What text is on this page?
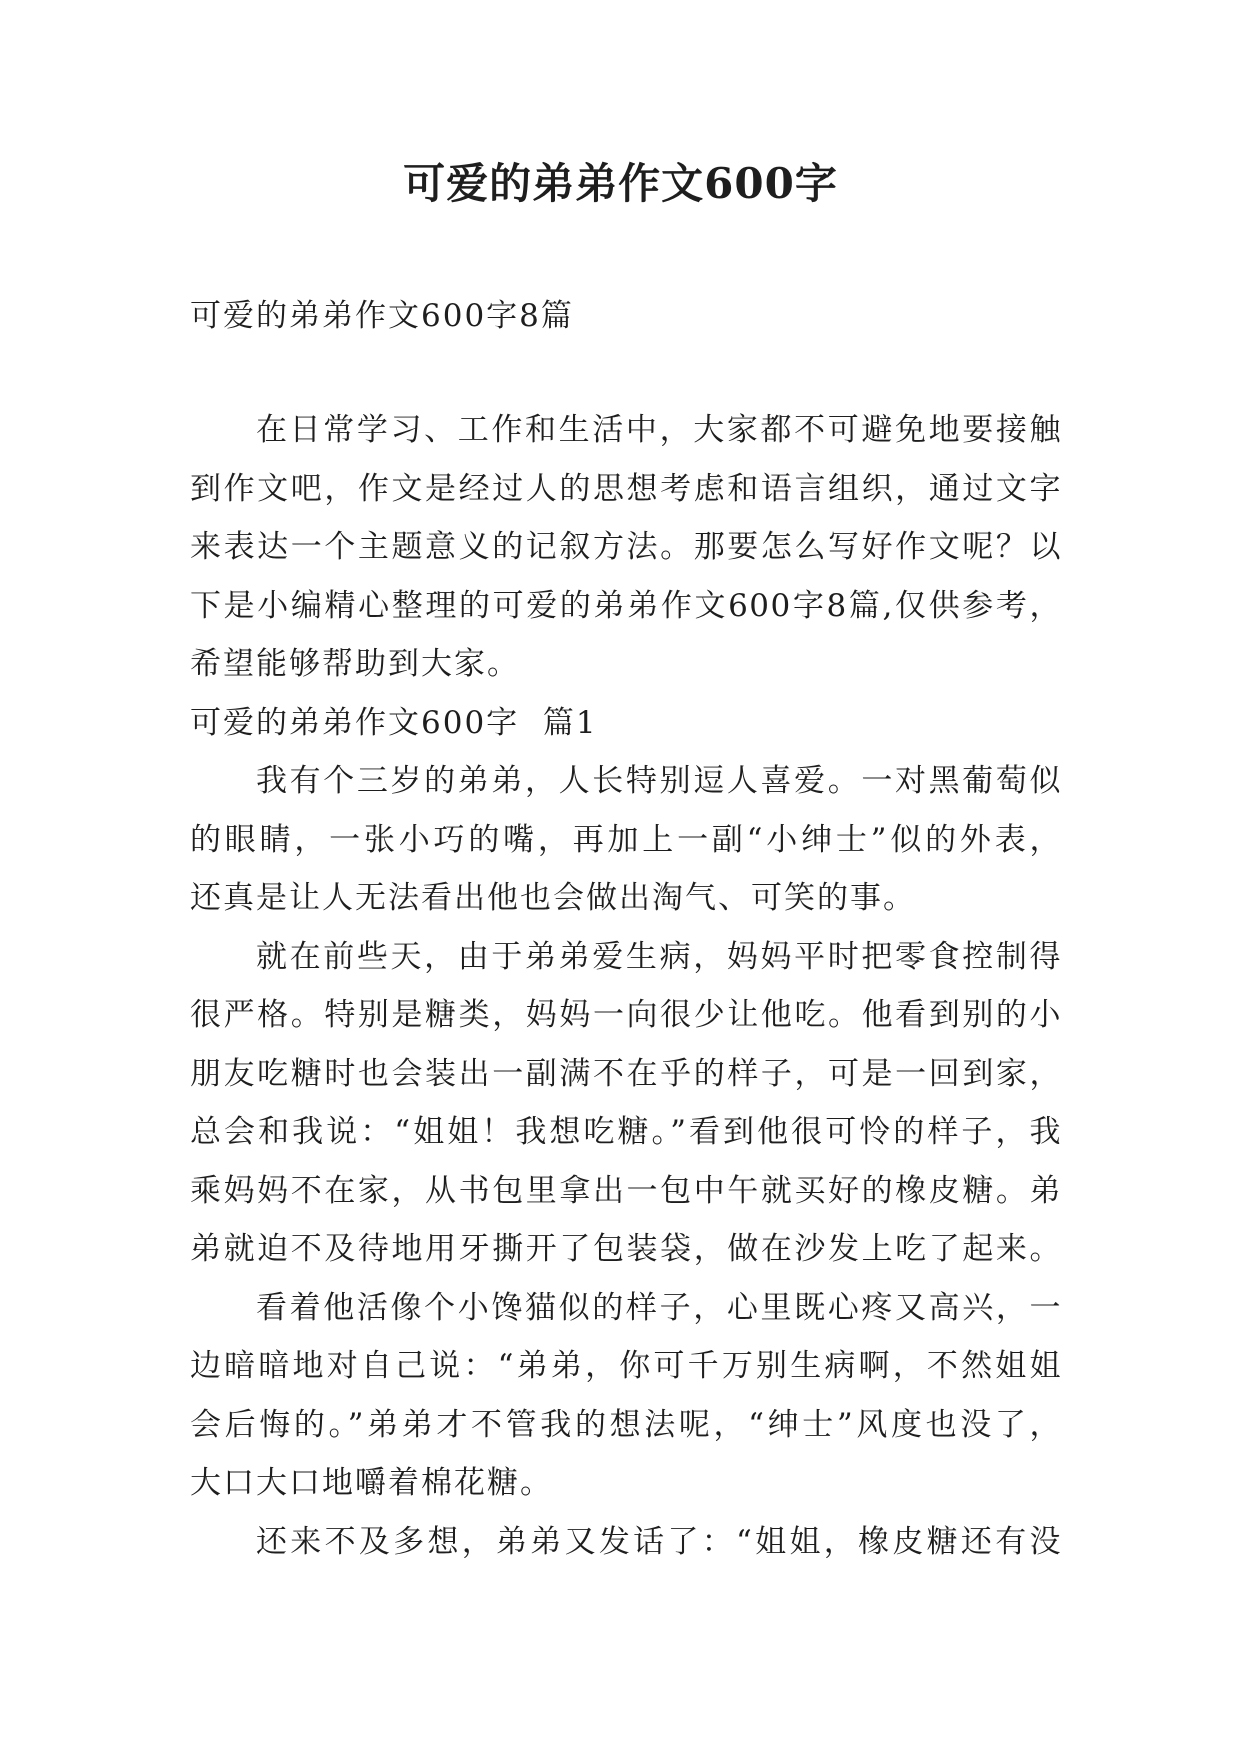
可爱的弟弟作文600字
可爱的弟弟作文600字8篇
在日常学习、工作和生活中，大家都不可避免地要接触
到作文吧，作文是经过人的思想考虑和语言组织，通过文字
来表达一个主题意义的记叙方法。那要怎么写好作文呢？以
下是小编精心整理的可爱的弟弟作文600字8篇,仅供参考，
希望能够帮助到大家。
可爱的弟弟作文600字  篇1
我有个三岁的弟弟，人长特别逗人喜爱。一对黑葡萄似
的眼睛，一张小巧的嘴，再加上一副“小绅士”似的外表，
还真是让人无法看出他也会做出淘气、可笑的事。
就在前些天，由于弟弟爱生病，妈妈平时把零食控制得
很严格。特别是糖类，妈妈一向很少让他吃。他看到别的小
朋友吃糖时也会装出一副满不在乎的样子，可是一回到家，
总会和我说：“姐姐！我想吃糖。”看到他很可怜的样子，我
乘妈妈不在家，从书包里拿出一包中午就买好的橡皮糖。弟
弟就迫不及待地用牙撕开了包装袋，做在沙发上吃了起来。
看着他活像个小馋猫似的样子，心里既心疼又高兴，一
边暗暗地对自己说：“弟弟，你可千万别生病啊，不然姐姐
会后悔的。”弟弟才不管我的想法呢，“绅士”风度也没了，
大口大口地嚼着棉花糖。
还来不及多想，弟弟又发话了：“姐姐，橡皮糖还有没
